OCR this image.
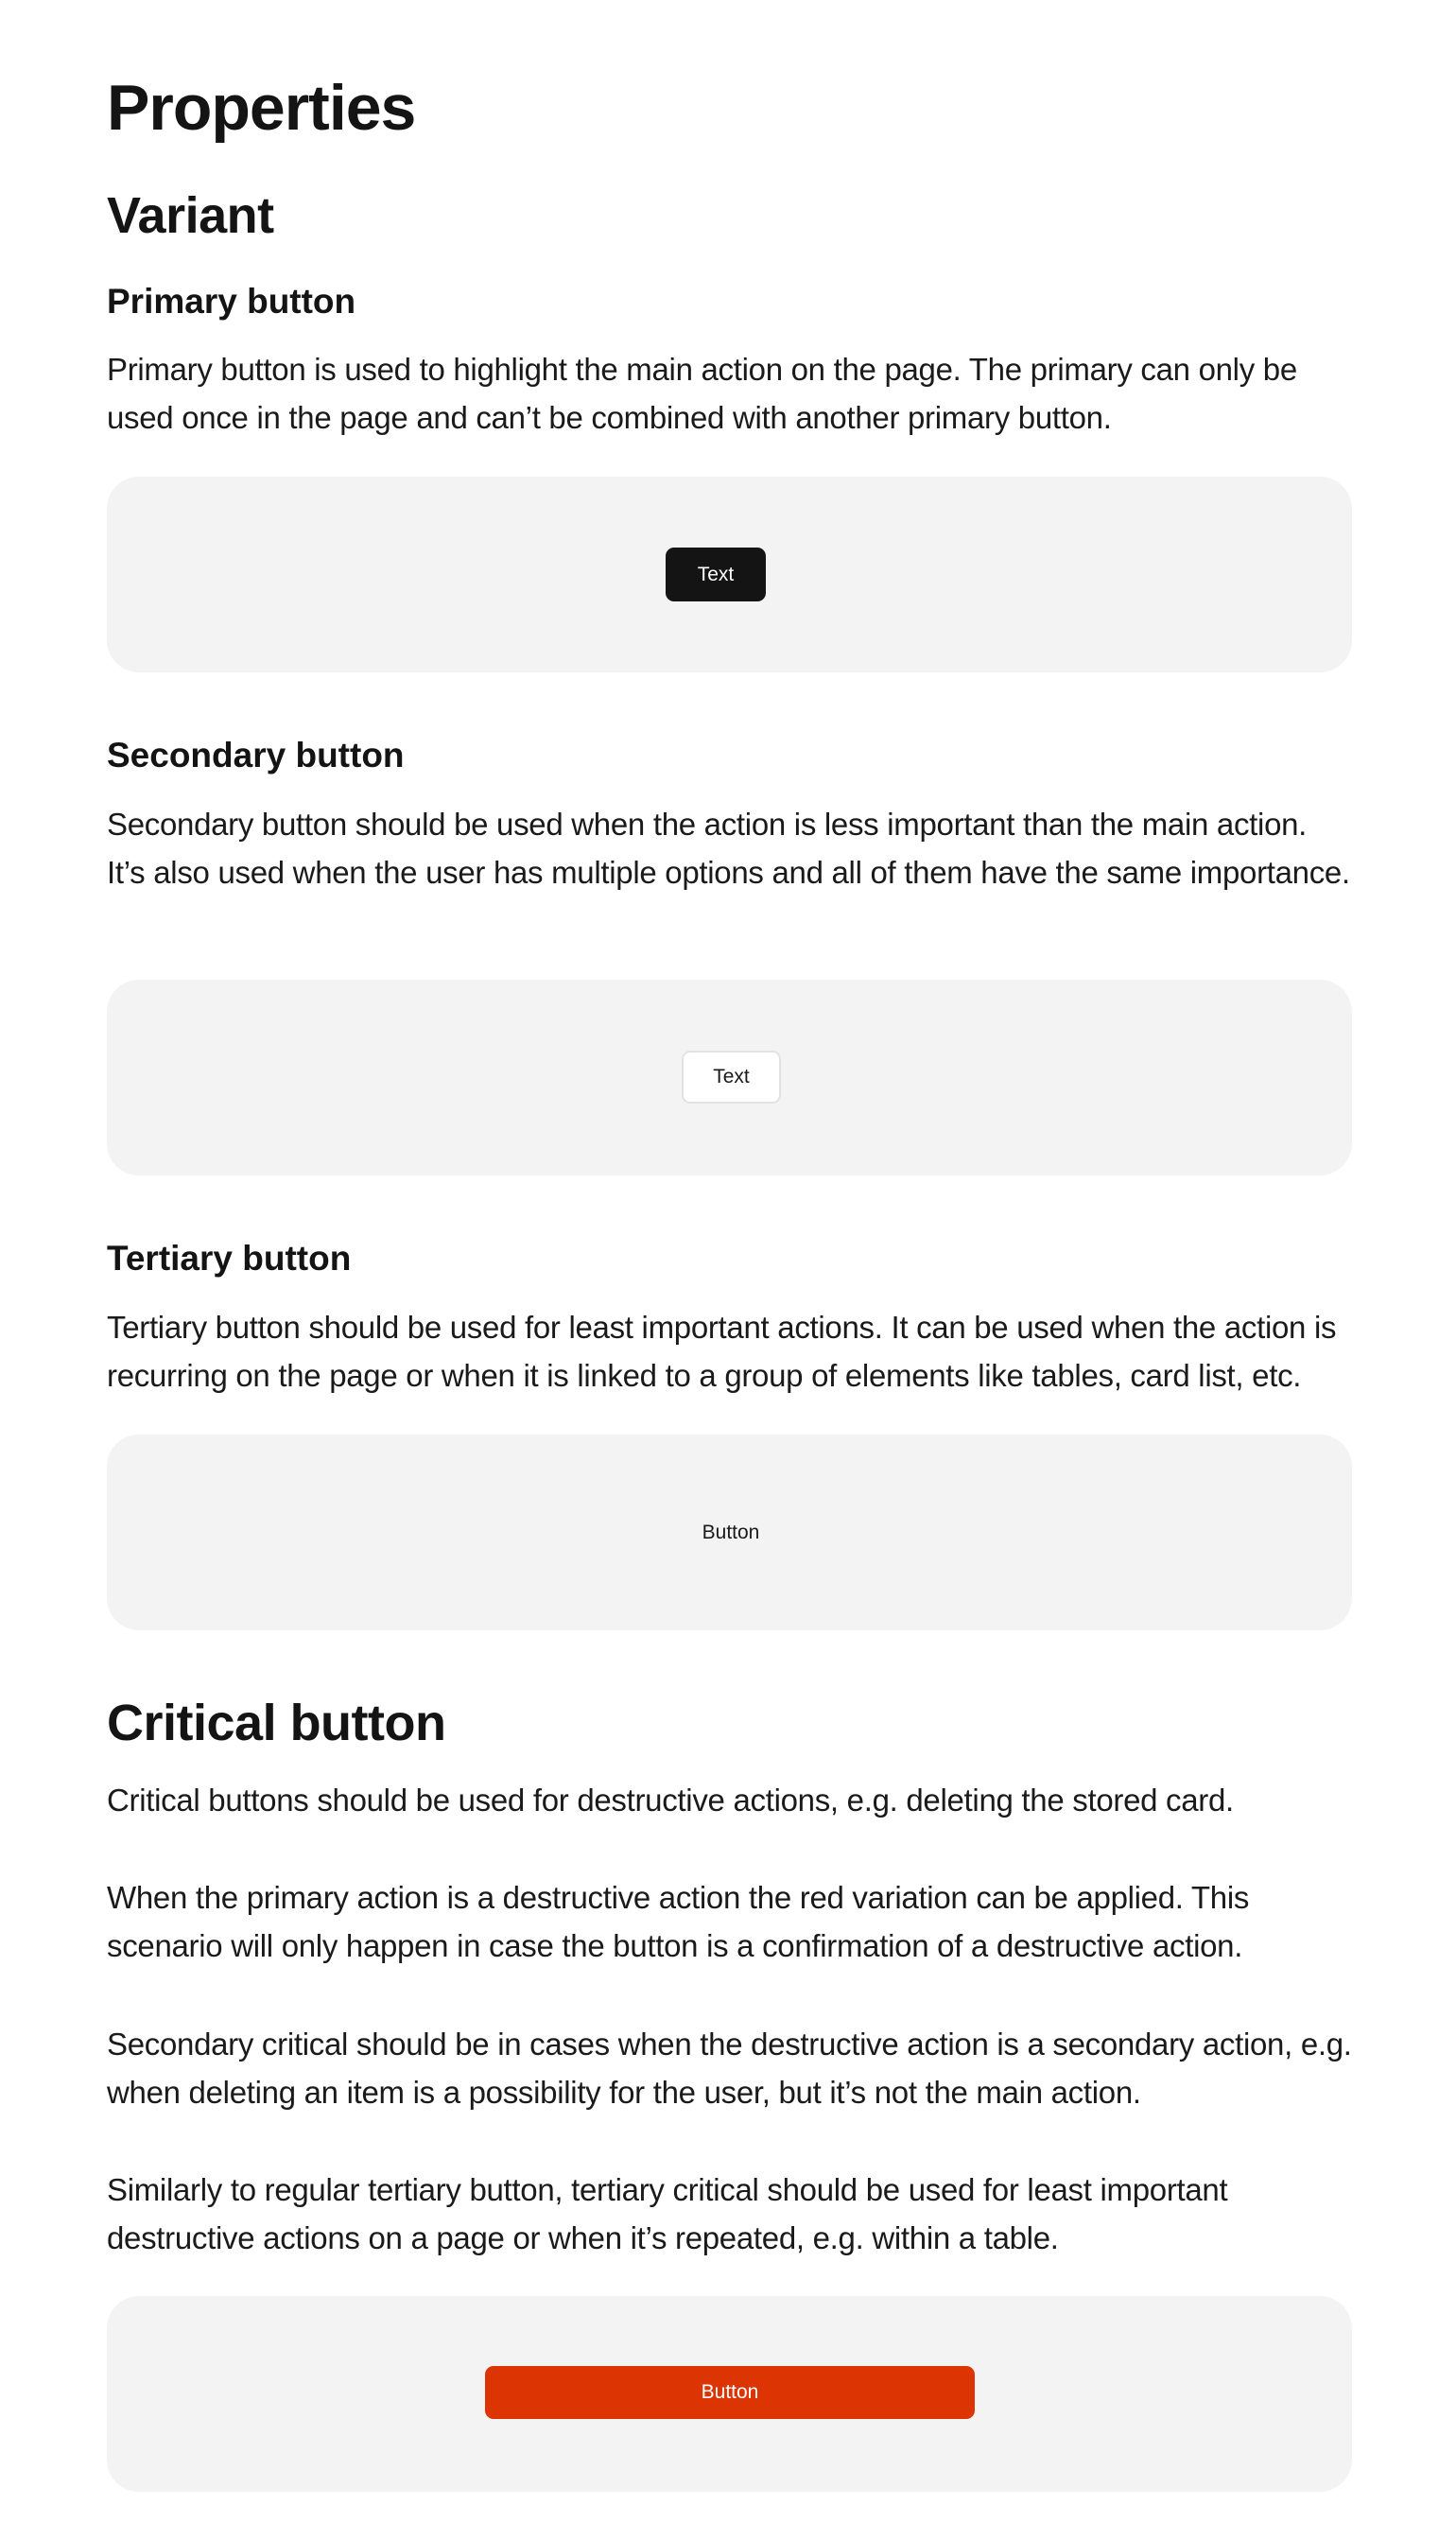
Properties
Variant
Primary button

Primary button is used to highlight the main action on the page. The primary can only be used once in the page and can’t be combined with another primary button.

Text
Secondary button

Secondary button should be used when the action is less important than the main action. It’s also used when the user has multiple options and all of them have the same importance.

Text
Tertiary button

Tertiary button should be used for least important actions. It can be used when the action is recurring on the page or when it is linked to a group of elements like tables, card list, etc.

Button
Critical button

Critical buttons should be used for destructive actions, e.g. deleting the stored card.

When the primary action is a destructive action the red variation can be applied. This scenario will only happen in case the button is a confirmation of a destructive action.

Secondary critical should be in cases when the destructive action is a secondary action, e.g. when deleting an item is a possibility for the user, but it’s not the main action.

Similarly to regular tertiary button, tertiary critical should be used for least important destructive actions on a page or when it’s repeated, e.g. within a table.

Button
